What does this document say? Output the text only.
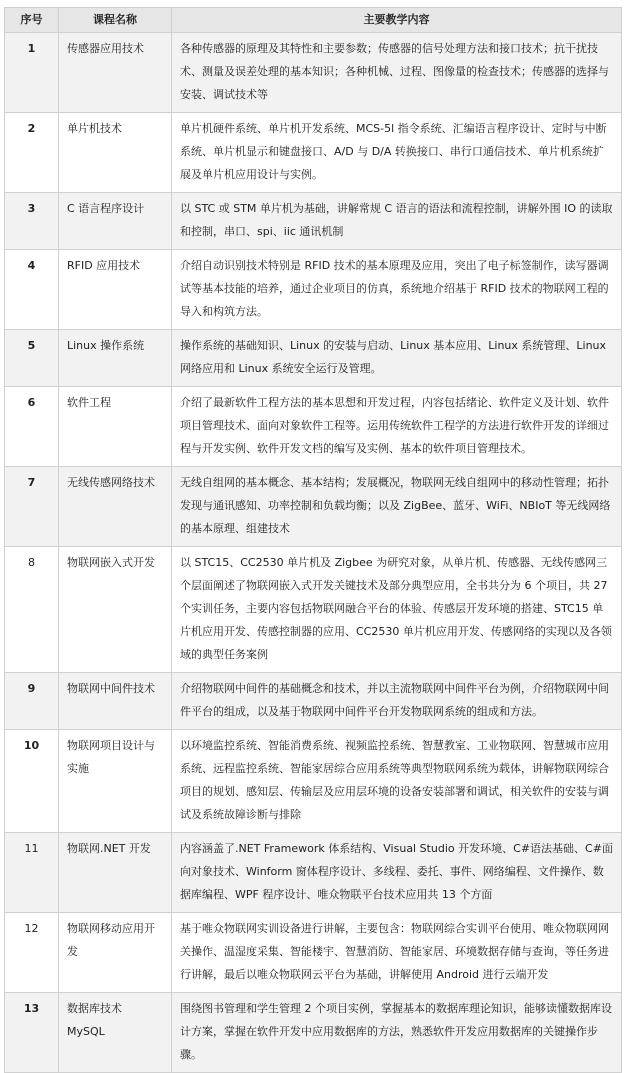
序号	课程名称	主要教学内容
1	传感器应用技术	各种传感器的原理及其特性和主要参数；传感器的信号处理方法和接口技术；抗干扰技术、测量及误差处理的基本知识；各种机械、过程、图像量的检查技术；传感器的选择与安装、调试技术等
2	单片机技术	单片机硬件系统、单片机开发系统、MCS-5l 指令系统、汇编语言程序设计、定时与中断系统、单片机显示和键盘接口、A/D 与 D/A 转换接口、串行口通信技术、单片机系统扩展及单片机应用设计与实例。
3	C 语言程序设计	以 STC 或 STM 单片机为基础，讲解常规 C 语言的语法和流程控制，讲解外围 IO 的读取和控制，串口、spi、iic 通讯机制
4	RFID 应用技术	介绍自动识别技术特别是 RFID 技术的基本原理及应用，突出了电子标签制作，读写器调试等基本技能的培养，通过企业项目的仿真，系统地介绍基于 RFID 技术的物联网工程的导入和构筑方法。
5	Linux 操作系统	操作系统的基础知识、Linux 的安装与启动、Linux 基本应用、Linux 系统管理、Linux 网络应用和 Linux 系统安全运行及管理。
6	软件工程	介绍了最新软件工程方法的基本思想和开发过程，内容包括绪论、软件定义及计划、软件项目管理技术、面向对象软件工程等。运用传统软件工程学的方法进行软件开发的详细过程与开发实例、软件开发文档的编写及实例、基本的软件项目管理技术。
7	无线传感网络技术	无线自组网的基本概念、基本结构；发展概况，物联网无线自组网中的移动性管理；拓扑发现与通讯感知、功率控制和负载均衡；以及 ZigBee、蓝牙、WiFi、NBIoT 等无线网络的基本原理、组建技术
8	物联网嵌入式开发	以 STC15、CC2530 单片机及 Zigbee 为研究对象，从单片机、传感器、无线传感网三个层面阐述了物联网嵌入式开发关键技术及部分典型应用，全书共分为 6 个项目，共 27 个实训任务，主要内容包括物联网融合平台的体验、传感层开发环境的搭建、STC15 单片机应用开发、传感控制器的应用、CC2530 单片机应用开发、传感网络的实现以及各领域的典型任务案例
9	物联网中间件技术	介绍物联网中间件的基础概念和技术，并以主流物联网中间件平台为例，介绍物联网中间件平台的组成，以及基于物联网中间件平台开发物联网系统的组成和方法。
10	物联网项目设计与实施	以环境监控系统、智能消费系统、视频监控系统、智慧教室、工业物联网、智慧城市应用系统、远程监控系统、智能家居综合应用系统等典型物联网系统为载体，讲解物联网综合项目的规划、感知层、传输层及应用层环境的设备安装部署和调试，相关软件的安装与调试及系统故障诊断与排除
11	物联网.NET 开发	内容涵盖了.NET Framework 体系结构、Visual Studio 开发环境、C#语法基础、C#面向对象技术、Winform 窗体程序设计、多线程、委托、事件、网络编程、文件操作、数据库编程、WPF 程序设计、唯众物联平台技术应用共 13 个方面
12	物联网移动应用开发	基于唯众物联网实训设备进行讲解，主要包含：物联网综合实训平台使用、唯众物联网网关操作、温湿度采集、智能楼宇、智慧消防、智能家居、环境数据存储与查询，等任务进行讲解，最后以唯众物联网云平台为基础，讲解使用 Android 进行云端开发
13	数据库技术 MySQL	围绕图书管理和学生管理 2 个项目实例，掌握基本的数据库理论知识，能够读懂数据库设计方案，掌握在软件开发中应用数据库的方法，熟悉软件开发应用数据库的关键操作步骤。
